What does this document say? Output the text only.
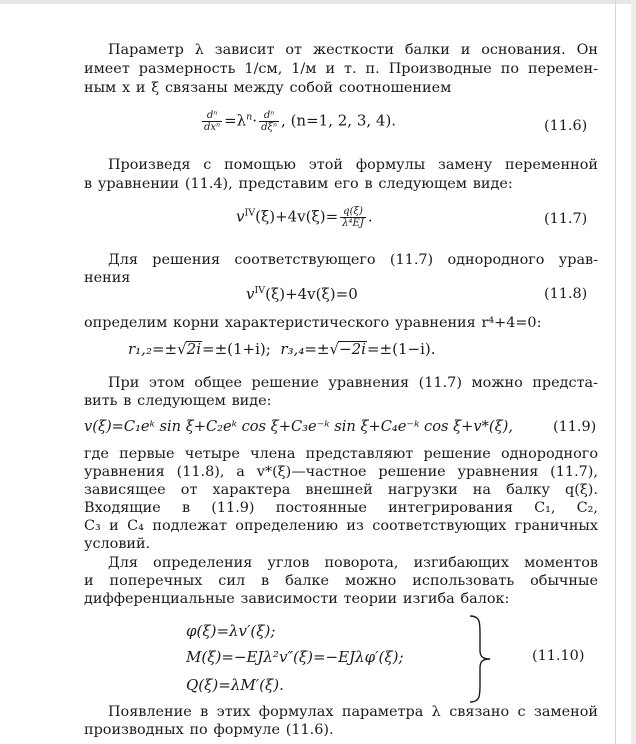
Параметр λ зависит от жесткости балки и основания. Он
имеет размерность 1/см, 1/м и т. п. Производные по перемен-
ным x и ξ связаны между собой соотношением
$\frac{\text{dⁿ}}{\text{dxⁿ}} =\lambda^n\cdot \frac{\text{dⁿ}}{\text{dξⁿ}}$ , (n=1, 2, 3, 4).	( 11.6 )
Произведя с помощью этой формулы замену переменной
в уравнении (11.4), представим его в следующем виде:
$v^{IV}(\xi)+4v(\xi)= \frac{q(\xi)}{\text{λ⁴EJ}}$ .	( 11.7 )
Для решения соответствующего (11.7) однородного урав-
нения
$v^{IV}(\xi)+4v(\xi)=0$	( 11.8 )
определим корни характеристического уравнения r⁴+4=0:
r₁,₂=±√2i=±(1+i); r₃,₄=±√−2i=±(1−i).
При этом общее решение уравнения (11.7) можно предста-
вить в следующем виде:
v(ξ)=C₁eᵏ sin ξ+C₂eᵏ cos ξ+C₃e⁻ᵏ sin ξ+C₄e⁻ᵏ cos ξ+v*(ξ),	( 11.9 )
где первые четыре члена представляют решение однородного
уравнения (11.8), а v*(ξ)—частное решение уравнения (11.7),
зависящее от характера внешней нагрузки на балку q(ξ).
Входящие в (11.9) постоянные интегрирования C₁, C₂,
C₃ и C₄ подлежат определению из соответствующих граничных
условий.
Для определения углов поворота, изгибающих моментов
и поперечных сил в балке можно использовать обычные
дифференциальные зависимости теории изгиба балок:
φ(ξ)=λv′(ξ);
M(ξ)=−EJλ²v″(ξ)=−EJλφ′(ξ);
Q(ξ)=λM′(ξ).
( 11.10 )
Появление в этих формулах параметра λ связано с заменой
производных по формуле (11.6).
